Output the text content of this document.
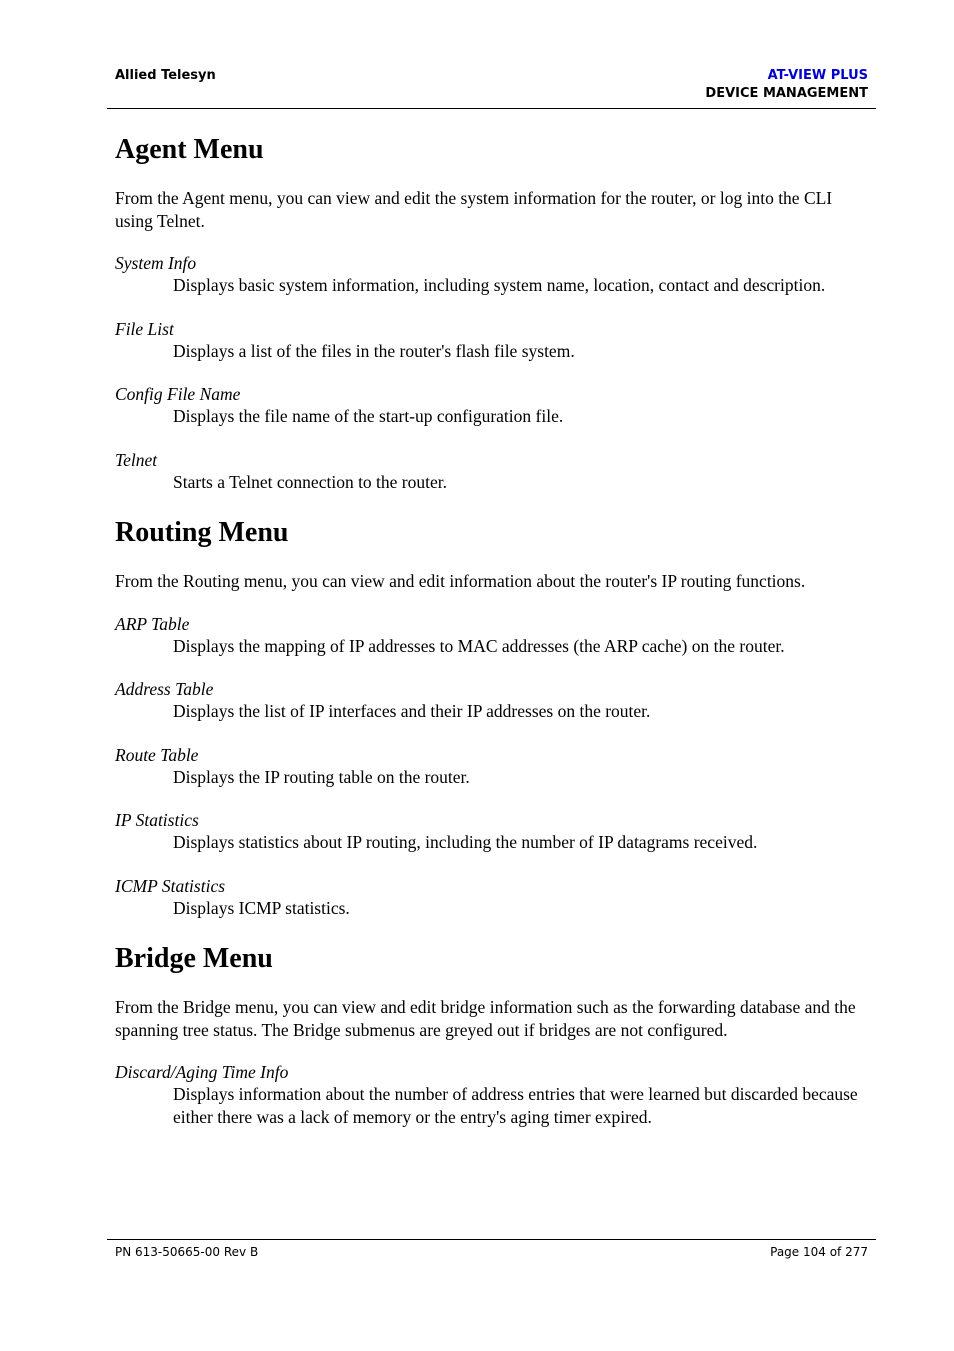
Allied Telesyn	AT-VIEW PLUS
DEVICE MANAGEMENT
Agent Menu

From the Agent menu, you can view and edit the system information for the router, or log into the CLI using Telnet.

System Info
Displays basic system information, including system name, location, contact and description.
File List
Displays a list of the files in the router's flash file system.
Config File Name
Displays the file name of the start-up configuration file.
Telnet
Starts a Telnet connection to the router.
Routing Menu

From the Routing menu, you can view and edit information about the router's IP routing functions.

ARP Table
Displays the mapping of IP addresses to MAC addresses (the ARP cache) on the router.
Address Table
Displays the list of IP interfaces and their IP addresses on the router.
Route Table
Displays the IP routing table on the router.
IP Statistics
Displays statistics about IP routing, including the number of IP datagrams received.
ICMP Statistics
Displays ICMP statistics.
Bridge Menu

From the Bridge menu, you can view and edit bridge information such as the forwarding database and the spanning tree status. The Bridge submenus are greyed out if bridges are not configured.

Discard/Aging Time Info
Displays information about the number of address entries that were learned but discarded because either there was a lack of memory or the entry's aging timer expired.
PN 613-50665-00 Rev B	Page 104 of 277
